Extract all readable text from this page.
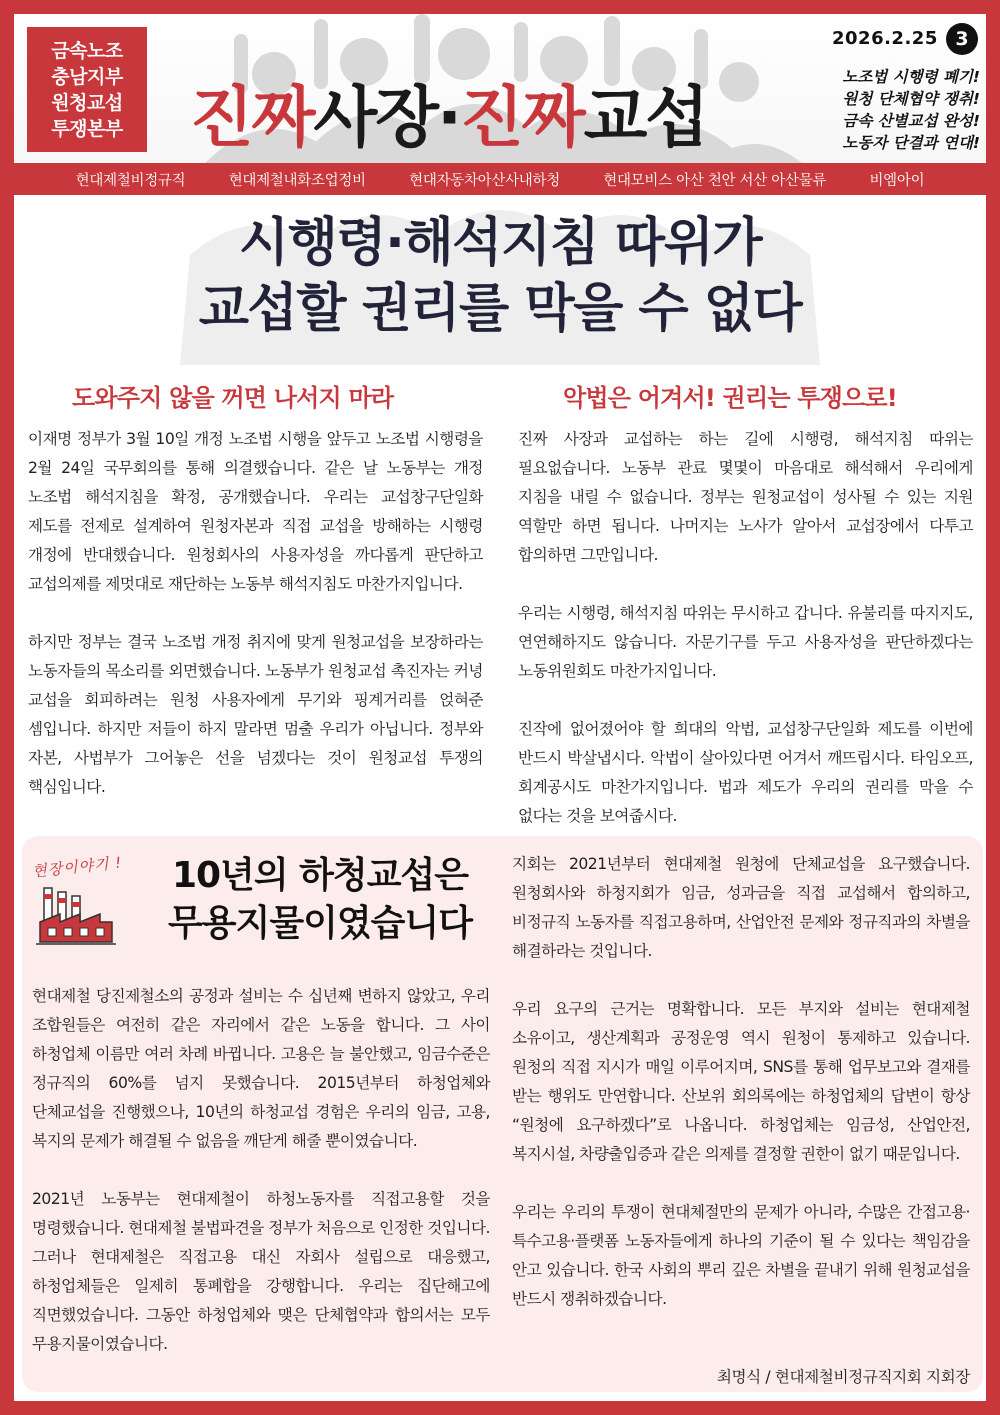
금속노조
충남지부
원청교섭
투쟁본부 진짜사장·진짜교섭
2026.2.25 3
노조법 시행령 폐기!
원청 단체협약 쟁취!
금속 산별교섭 완성!
노동자 단결과 연대!
현대제철비정규직	현대제철내화조업정비	현대자동차아산사내하청	현대모비스 아산 천안 서산 아산물류	비엠아이
시행령·해석지침 따위가
교섭할 권리를 막을 수 없다
도와주지 않을 꺼면 나서지 마라	악법은 어겨서! 권리는 투쟁으로!

이재명 정부가 3월 10일 개정 노조법 시행을 앞두고 노조법 시행령을 2월 24일 국무회의를 통해 의결했습니다. 같은 날 노동부는 개정 노조법 해석지침을 확정, 공개했습니다. 우리는 교섭창구단일화 제도를 전제로 설계하여 원청자본과 직접 교섭을 방해하는 시행령 개정에 반대했습니다. 원청회사의 사용자성을 까다롭게 판단하고 교섭의제를 제멋대로 재단하는 노동부 해석지침도 마찬가지입니다.

하지만 정부는 결국 노조법 개정 취지에 맞게 원청교섭을 보장하라는 노동자들의 목소리를 외면했습니다. 노동부가 원청교섭 촉진자는 커녕 교섭을 회피하려는 원청 사용자에게 무기와 핑계거리를 얹혀준 셈입니다. 하지만 저들이 하지 말라면 멈출 우리가 아닙니다. 정부와 자본, 사법부가 그어놓은 선을 넘겠다는 것이 원청교섭 투쟁의 핵심입니다.

진짜 사장과 교섭하는 하는 길에 시행령, 해석지침 따위는 필요없습니다. 노동부 관료 몇몇이 마음대로 해석해서 우리에게 지침을 내릴 수 없습니다. 정부는 원청교섭이 성사될 수 있는 지원 역할만 하면 됩니다. 나머지는 노사가 알아서 교섭장에서 다투고 합의하면 그만입니다.

우리는 시행령, 해석지침 따위는 무시하고 갑니다. 유불리를 따지지도, 연연해하지도 않습니다. 자문기구를 두고 사용자성을 판단하겠다는 노동위원회도 마찬가지입니다.

진작에 없어졌어야 할 희대의 악법, 교섭창구단일화 제도를 이번에 반드시 박살냅시다. 악법이 살아있다면 어겨서 깨뜨립시다. 타임오프, 회계공시도 마찬가지입니다. 법과 제도가 우리의 권리를 막을 수 없다는 것을 보여줍시다.

현장이야기 !	10년의 하청교섭은
무용지물이였습니다

현대제철 당진제철소의 공정과 설비는 수 십년째 변하지 않았고, 우리 조합원들은 여전히 같은 자리에서 같은 노동을 합니다. 그 사이 하청업체 이름만 여러 차례 바뀝니다. 고용은 늘 불안했고, 임금수준은 정규직의 60%를 넘지 못했습니다. 2015년부터 하청업체와 단체교섭을 진행했으나, 10년의 하청교섭 경험은 우리의 임금, 고용, 복지의 문제가 해결될 수 없음을 깨닫게 해줄 뿐이였습니다.

2021년 노동부는 현대제철이 하청노동자를 직접고용할 것을 명령했습니다. 현대제철 불법파견을 정부가 처음으로 인정한 것입니다. 그러나 현대제철은 직접고용 대신 자회사 설립으로 대응했고, 하청업체들은 일제히 통폐합을 강행합니다. 우리는 집단해고에 직면했었습니다. 그동안 하청업체와 맺은 단체협약과 합의서는 모두 무용지물이였습니다.

지회는 2021년부터 현대제철 원청에 단체교섭을 요구했습니다. 원청회사와 하청지회가 임금, 성과금을 직접 교섭해서 합의하고, 비정규직 노동자를 직접고용하며, 산업안전 문제와 정규직과의 차별을 해결하라는 것입니다.

우리 요구의 근거는 명확합니다. 모든 부지와 설비는 현대제철 소유이고, 생산계획과 공정운영 역시 원청이 통제하고 있습니다. 원청의 직접 지시가 매일 이루어지며, SNS를 통해 업무보고와 결재를 받는 행위도 만연합니다. 산보위 회의록에는 하청업체의 답변이 항상 “원청에 요구하겠다”로 나옵니다. 하청업체는 임금성, 산업안전, 복지시설, 차량출입증과 같은 의제를 결정할 권한이 없기 때문입니다.

우리는 우리의 투쟁이 현대체절만의 문제가 아니라, 수많은 간접고용·특수고용·플랫폼 노동자들에게 하나의 기준이 될 수 있다는 책임감을 안고 있습니다. 한국 사회의 뿌리 깊은 차별을 끝내기 위해 원청교섭을 반드시 쟁취하겠습니다.

최명식 / 현대제철비정규직지회 지회장
